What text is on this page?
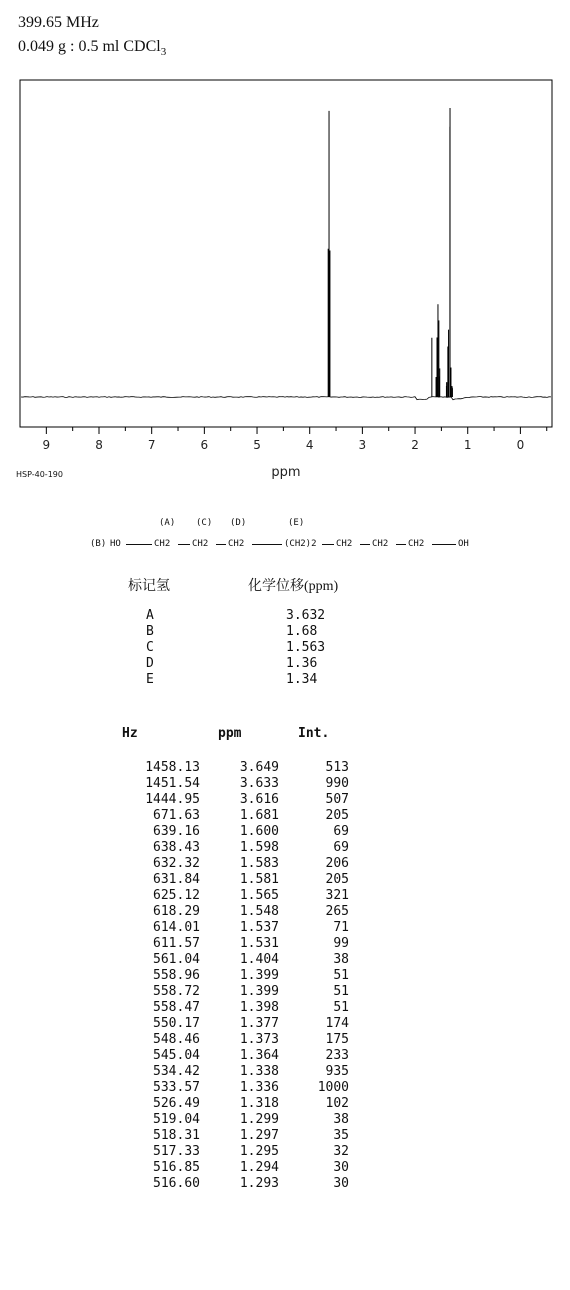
399.65 MHz
0.049 g : 0.5 ml CDCl$_3$
9	8	7	6	5	4	3	2	1	0
ppm
HSP-40-190
(A) (C) (D)	(E)
(B) HO	CH2 CH2 CH2	(CH2)2 CH2 CH2 CH2	OH
标记氢	化学位移(ppm)
A	3.632
B	1.68
C	1.563
D	1.36
E	1.34
Hz	ppm	Int.
1458.13	3.649	513
1451.54	3.633	990
1444.95	3.616	507
671.63	1.681	205
639.16	1.600	69
638.43	1.598	69
632.32	1.583	206
631.84	1.581	205
625.12	1.565	321
618.29	1.548	265
614.01	1.537	71
611.57	1.531	99
561.04	1.404	38
558.96	1.399	51
558.72	1.399	51
558.47	1.398	51
550.17	1.377	174
548.46	1.373	175
545.04	1.364	233
534.42	1.338	935
533.57	1.336	1000
526.49	1.318	102
519.04	1.299	38
518.31	1.297	35
517.33	1.295	32
516.85	1.294	30
516.60	1.293	30
